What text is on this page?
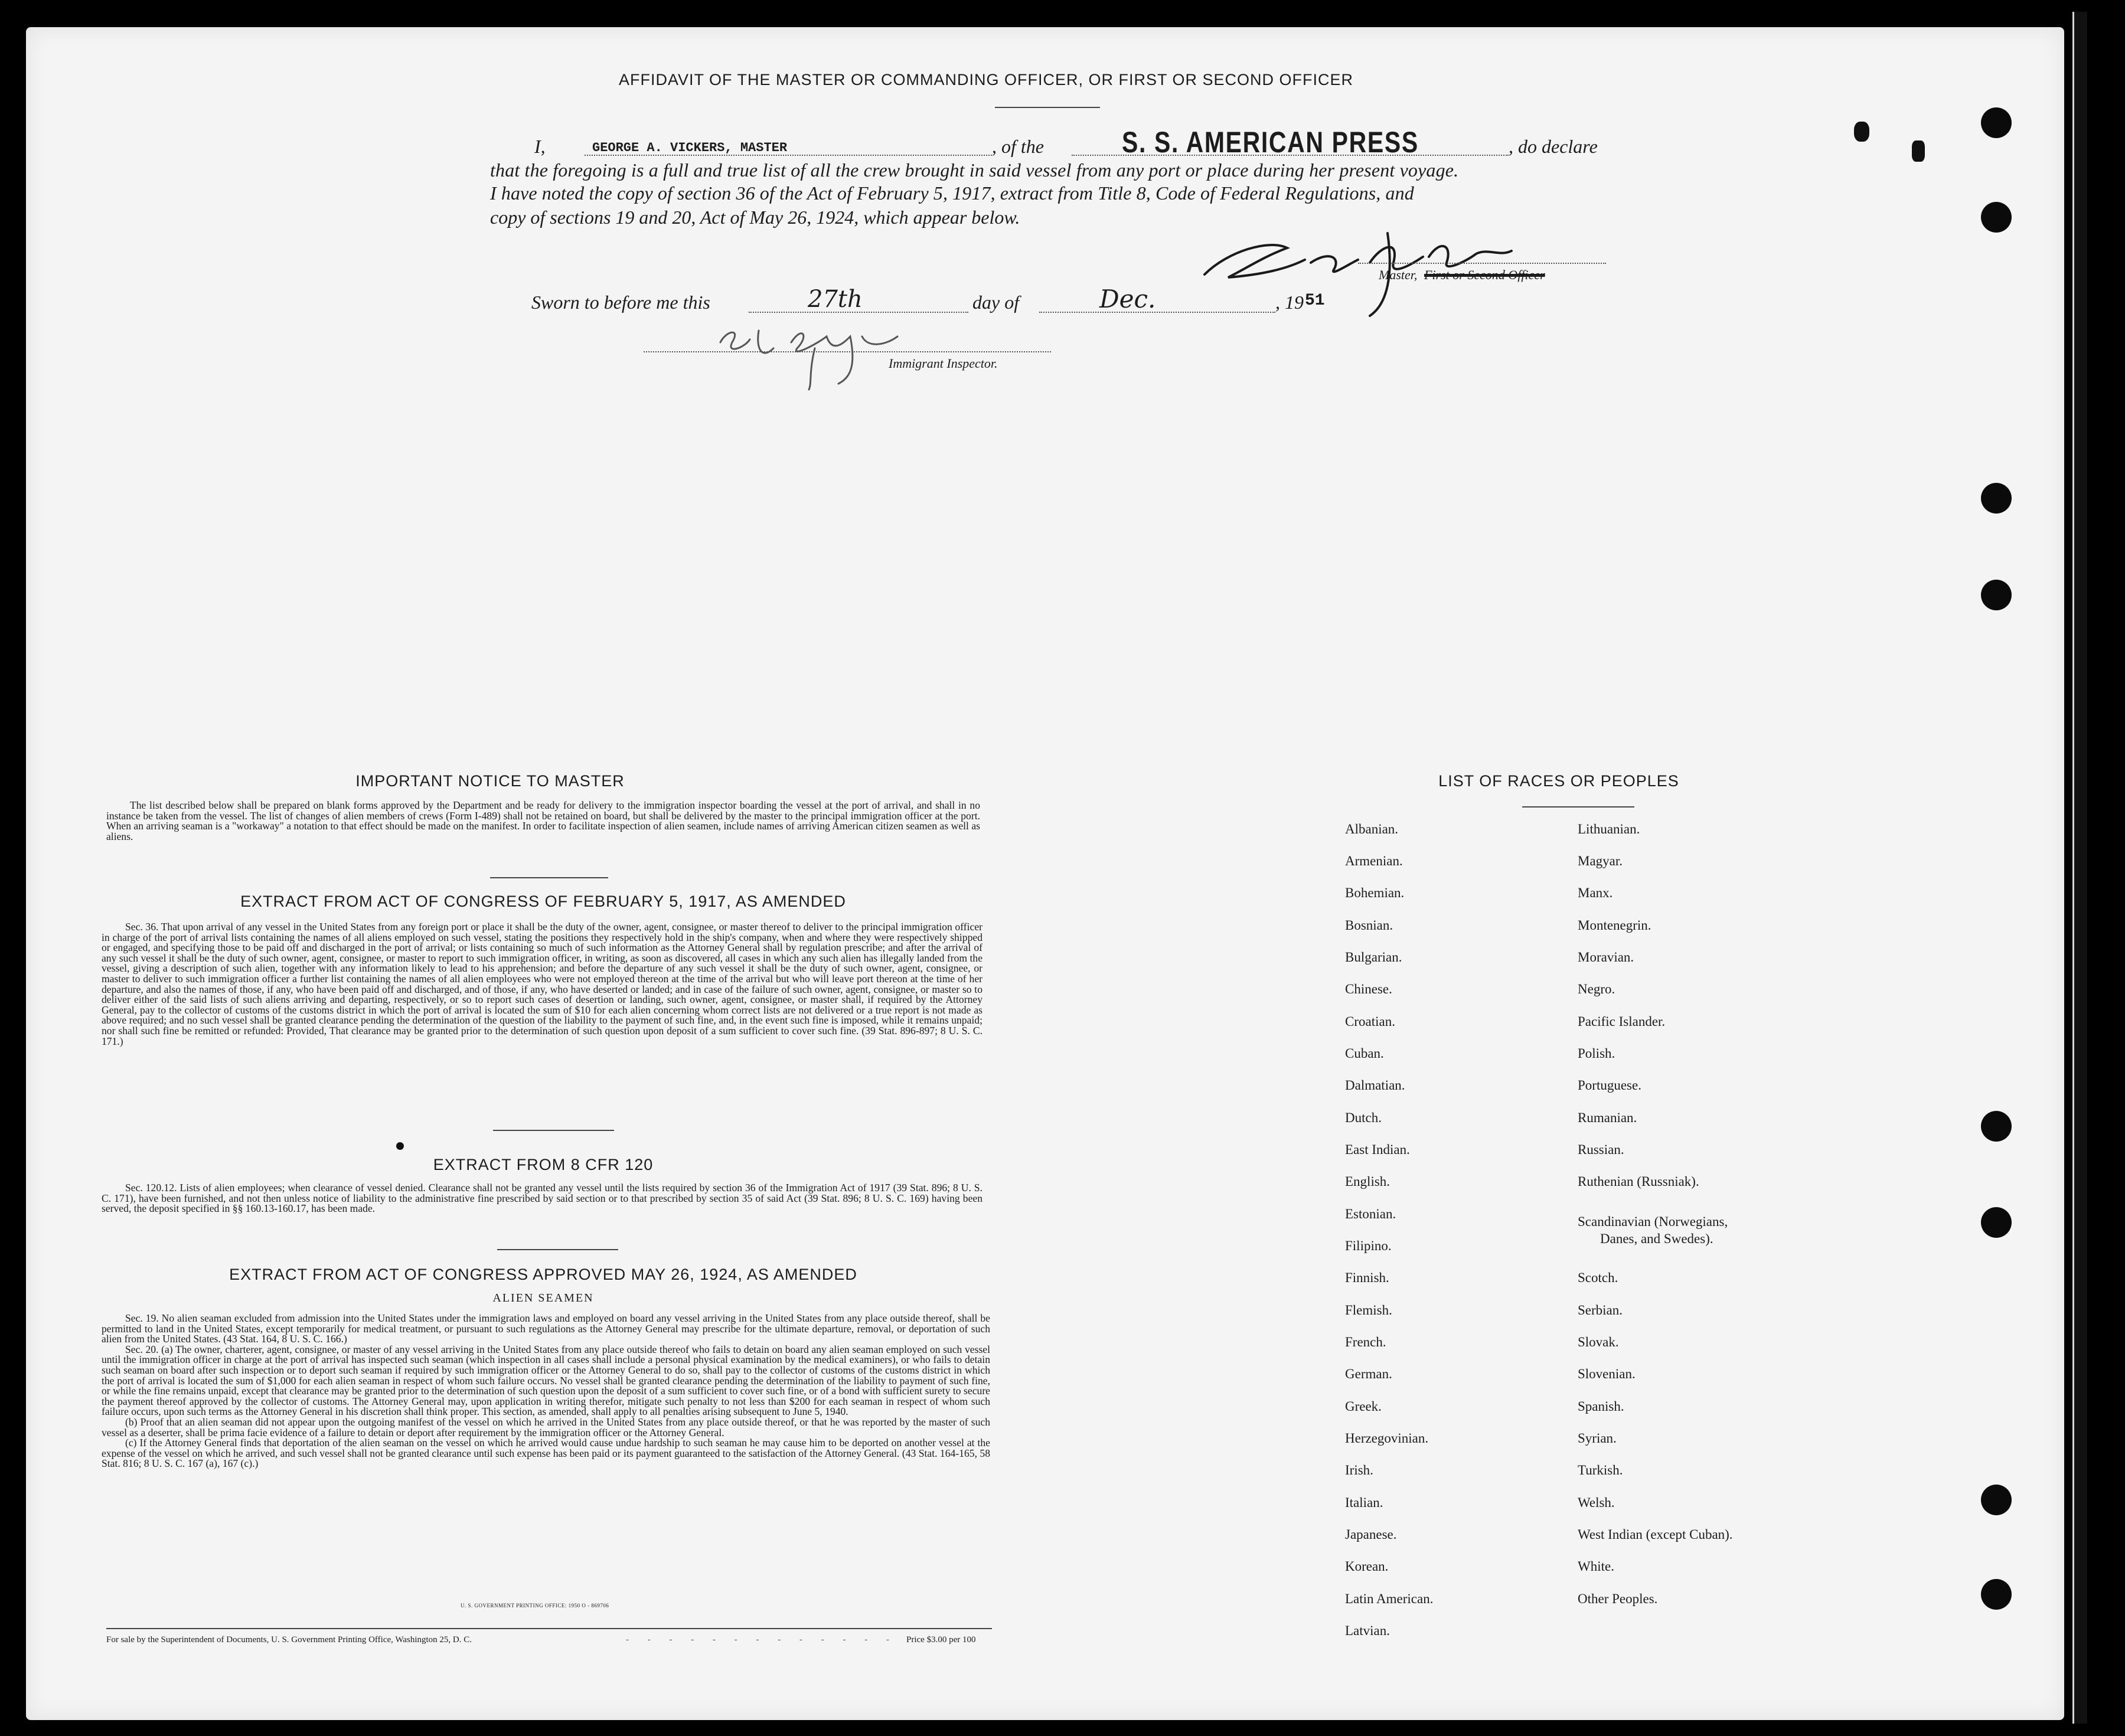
AFFIDAVIT OF THE MASTER OR COMMANDING OFFICER, OR FIRST OR SECOND OFFICER
I,	GEORGE A. VICKERS, MASTER	, of the	S. S. AMERICAN PRESS	, do declare
that the foregoing is a full and true list of all the crew brought in said vessel from any port or place during her present voyage.
I have noted the copy of section 36 of the Act of February 5, 1917, extract from Title 8, Code of Federal Regulations, and
copy of sections 19 and 20, Act of May 26, 1924, which appear below.
Master, First or Second Officer
Sworn to before me this	27th	day of	Dec.	, 19 51
Immigrant Inspector.
IMPORTANT NOTICE TO MASTER

The list described below shall be prepared on blank forms approved by the Department and be ready for delivery to the immigration inspector boarding the vessel at the port of arrival, and shall in no instance be taken from the vessel. The list of changes of alien members of crews (Form I-489) shall not be retained on board, but shall be delivered by the master to the principal immigration officer at the port. When an arriving seaman is a "workaway" a notation to that effect should be made on the manifest. In order to facilitate inspection of alien seamen, include names of arriving American citizen seamen as well as aliens.

EXTRACT FROM ACT OF CONGRESS OF FEBRUARY 5, 1917, AS AMENDED

Sec. 36. That upon arrival of any vessel in the United States from any foreign port or place it shall be the duty of the owner, agent, consignee, or master thereof to deliver to the principal immigration officer in charge of the port of arrival lists containing the names of all aliens employed on such vessel, stating the positions they respectively hold in the ship's company, when and where they were respectively shipped or engaged, and specifying those to be paid off and discharged in the port of arrival; or lists containing so much of such information as the Attorney General shall by regulation prescribe; and after the arrival of any such vessel it shall be the duty of such owner, agent, consignee, or master to report to such immigration officer, in writing, as soon as discovered, all cases in which any such alien has illegally landed from the vessel, giving a description of such alien, together with any information likely to lead to his apprehension; and before the departure of any such vessel it shall be the duty of such owner, agent, consignee, or master to deliver to such immigration officer a further list containing the names of all alien employees who were not employed thereon at the time of the arrival but who will leave port thereon at the time of her departure, and also the names of those, if any, who have been paid off and discharged, and of those, if any, who have deserted or landed; and in case of the failure of such owner, agent, consignee, or master so to deliver either of the said lists of such aliens arriving and departing, respectively, or so to report such cases of desertion or landing, such owner, agent, consignee, or master shall, if required by the Attorney General, pay to the collector of customs of the customs district in which the port of arrival is located the sum of $10 for each alien concerning whom correct lists are not delivered or a true report is not made as above required; and no such vessel shall be granted clearance pending the determination of the question of the liability to the payment of such fine, and, in the event such fine is imposed, while it remains unpaid; nor shall such fine be remitted or refunded: Provided, That clearance may be granted prior to the determination of such question upon deposit of a sum sufficient to cover such fine. (39 Stat. 896-897; 8 U. S. C. 171.)

EXTRACT FROM 8 CFR 120

Sec. 120.12. Lists of alien employees; when clearance of vessel denied. Clearance shall not be granted any vessel until the lists required by section 36 of the Immigration Act of 1917 (39 Stat. 896; 8 U. S. C. 171), have been furnished, and not then unless notice of liability to the administrative fine prescribed by said section or to that prescribed by section 35 of said Act (39 Stat. 896; 8 U. S. C. 169) having been served, the deposit specified in §§ 160.13-160.17, has been made.

EXTRACT FROM ACT OF CONGRESS APPROVED MAY 26, 1924, AS AMENDED
ALIEN SEAMEN

Sec. 19. No alien seaman excluded from admission into the United States under the immigration laws and employed on board any vessel arriving in the United States from any place outside thereof, shall be permitted to land in the United States, except temporarily for medical treatment, or pursuant to such regulations as the Attorney General may prescribe for the ultimate departure, removal, or deportation of such alien from the United States. (43 Stat. 164, 8 U. S. C. 166.)

Sec. 20. (a) The owner, charterer, agent, consignee, or master of any vessel arriving in the United States from any place outside thereof who fails to detain on board any alien seaman employed on such vessel until the immigration officer in charge at the port of arrival has inspected such seaman (which inspection in all cases shall include a personal physical examination by the medical examiners), or who fails to detain such seaman on board after such inspection or to deport such seaman if required by such immigration officer or the Attorney General to do so, shall pay to the collector of customs of the customs district in which the port of arrival is located the sum of $1,000 for each alien seaman in respect of whom such failure occurs. No vessel shall be granted clearance pending the determination of the liability to payment of such fine, or while the fine remains unpaid, except that clearance may be granted prior to the determination of such question upon the deposit of a sum sufficient to cover such fine, or of a bond with sufficient surety to secure the payment thereof approved by the collector of customs. The Attorney General may, upon application in writing therefor, mitigate such penalty to not less than $200 for each seaman in respect of whom such failure occurs, upon such terms as the Attorney General in his discretion shall think proper. This section, as amended, shall apply to all penalties arising subsequent to June 5, 1940.

(b) Proof that an alien seaman did not appear upon the outgoing manifest of the vessel on which he arrived in the United States from any place outside thereof, or that he was reported by the master of such vessel as a deserter, shall be prima facie evidence of a failure to detain or deport after requirement by the immigration officer or the Attorney General.

(c) If the Attorney General finds that deportation of the alien seaman on the vessel on which he arrived would cause undue hardship to such seaman he may cause him to be deported on another vessel at the expense of the vessel on which he arrived, and such vessel shall not be granted clearance until such expense has been paid or its payment guaranteed to the satisfaction of the Attorney General. (43 Stat. 164-165, 58 Stat. 816; 8 U. S. C. 167 (a), 167 (c).)

U. S. GOVERNMENT PRINTING OFFICE: 1950 O - 869706
For sale by the Superintendent of Documents, U. S. Government Printing Office, Washington 25, D. C.	- - - - - - - - - - - - - Price $3.00 per 100
LIST OF RACES OR PEOPLES
Albanian.
Armenian.
Bohemian.
Bosnian.
Bulgarian.
Chinese.
Croatian.
Cuban.
Dalmatian.
Dutch.
East Indian.
English.
Estonian.
Filipino.
Finnish.
Flemish.
French.
German.
Greek.
Herzegovinian.
Irish.
Italian.
Japanese.
Korean.
Latin American.
Latvian.
Lithuanian.
Magyar.
Manx.
Montenegrin.
Moravian.
Negro.
Pacific Islander.
Polish.
Portuguese.
Rumanian.
Russian.
Ruthenian (Russniak).
Scandinavian (Norwegians,
Danes, and Swedes).
Scotch.
Serbian.
Slovak.
Slovenian.
Spanish.
Syrian.
Turkish.
Welsh.
West Indian (except Cuban).
White.
Other Peoples.
